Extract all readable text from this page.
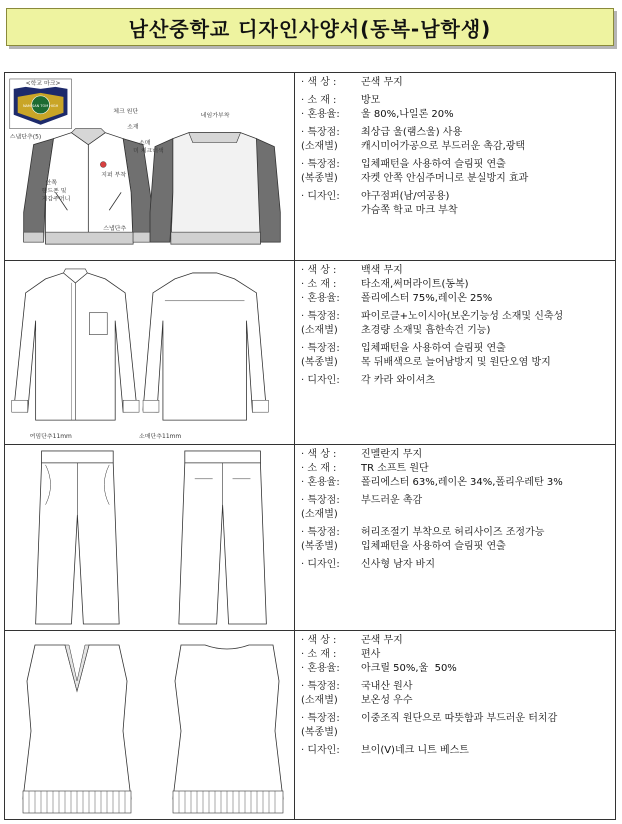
남산중학교 디자인사양서(동복-남학생)
<학교 마크>
NAM SAN TOM HIGH
체크 원단
소재
소매
미 체크배색
네임가부착
스냅단추(5)
지퍼 부착
안쪽 핸드폰 및 지갑주머니
스냅단추
· 색 상 :	곤색 무지
· 소 재 :	방모
· 혼용율:	울 80%,나일론 20%
· 특장점:
(소재별)
최상급 울(램스울) 사용
캐시미어가공으로 부드러운 촉감,광택
· 특장점:
(복종별)
입체패턴을 사용하여 슬림핏 연출
자켓 안쪽 안심주머니로 분실방지 효과
· 디자인:	야구점퍼(남/여공용)
가슴쪽 학교 마크 부착
여밈단추11mm	소매단추11mm
· 색 상 :	백색 무지
· 소 재 :	타소재,써머라이트(동복)
· 혼용율:	폴리에스터 75%,레이온 25%
· 특장점:
(소재별)
파이로클+노이시아(보온기능성 소재및 신축성
초경량 소재및 흡한속건 기능)
· 특장점:
(복종별)
입체패턴을 사용하여 슬림핏 연출
목 뒤배색으로 늘어남방지 및 원단오염 방지
· 디자인:	각 카라 와이셔츠
· 색 상 :	진멜란지 무지
· 소 재 :	TR 소프트 원단
· 혼용율:	폴리에스터 63%,레이온 34%,폴리우레탄 3%
· 특장점:
(소재별)
부드러운 촉감
· 특장점:
(복종별)
허리조절기 부착으로 허리사이즈 조정가능
입체패턴을 사용하여 슬림핏 연출
· 디자인:	신사형 남자 바지
· 색 상 :	곤색 무지
· 소 재 :	편사
· 혼용율:	아크릴 50%,울  50%
· 특장점:
(소재별)
국내산 원사
보온성 우수
· 특장점:
(복종별)
이중조직 원단으로 따뜻함과 부드러운 터치감
· 디자인:	브이(V)네크 니트 베스트
